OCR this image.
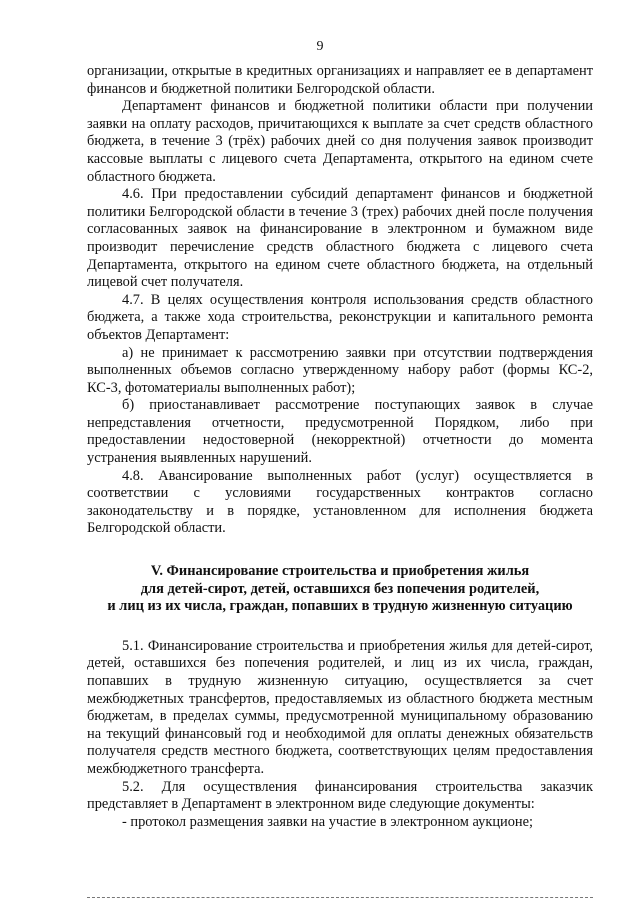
9

организации, открытые в кредитных организациях и направляет ее в департамент финансов и бюджетной политики Белгородской области.

Департамент финансов и бюджетной политики области при получении заявки на оплату расходов, причитающихся к выплате за счет средств областного бюджета, в течение 3 (трёх) рабочих дней со дня получения заявок производит кассовые выплаты с лицевого счета Департамента, открытого на едином счете областного бюджета.

4.6. При предоставлении субсидий департамент финансов и бюджетной политики Белгородской области в течение 3 (трех) рабочих дней после получения согласованных заявок на финансирование в электронном и бумажном виде производит перечисление средств областного бюджета с лицевого счета Департамента, открытого на едином счете областного бюджета, на отдельный лицевой счет получателя.

4.7. В целях осуществления контроля использования средств областного бюджета, а также хода строительства, реконструкции и капитального ремонта объектов Департамент:

а) не принимает к рассмотрению заявки при отсутствии подтверждения выполненных объемов согласно утвержденному набору работ (формы КС-2, КС-3, фотоматериалы выполненных работ);

б) приостанавливает рассмотрение поступающих заявок в случае непредставления отчетности, предусмотренной Порядком, либо при предоставлении недостоверной (некорректной) отчетности до момента устранения выявленных нарушений.

4.8. Авансирование выполненных работ (услуг) осуществляется в соответствии с условиями государственных контрактов согласно законодательству и в порядке, установленном для исполнения бюджета Белгородской области.

V. Финансирование строительства и приобретения жилья
для детей-сирот, детей, оставшихся без попечения родителей,
и лиц из их числа, граждан, попавших в трудную жизненную ситуацию

5.1. Финансирование строительства и приобретения жилья для детей-сирот, детей, оставшихся без попечения родителей, и лиц из их числа, граждан, попавших в трудную жизненную ситуацию, осуществляется за счет межбюджетных трансфертов, предоставляемых из областного бюджета местным бюджетам, в пределах суммы, предусмотренной муниципальному образованию на текущий финансовый год и необходимой для оплаты денежных обязательств получателя средств местного бюджета, соответствующих целям предоставления межбюджетного трансферта.

5.2. Для осуществления финансирования строительства заказчик представляет в Департамент в электронном виде следующие документы:

- протокол размещения заявки на участие в электронном аукционе;
